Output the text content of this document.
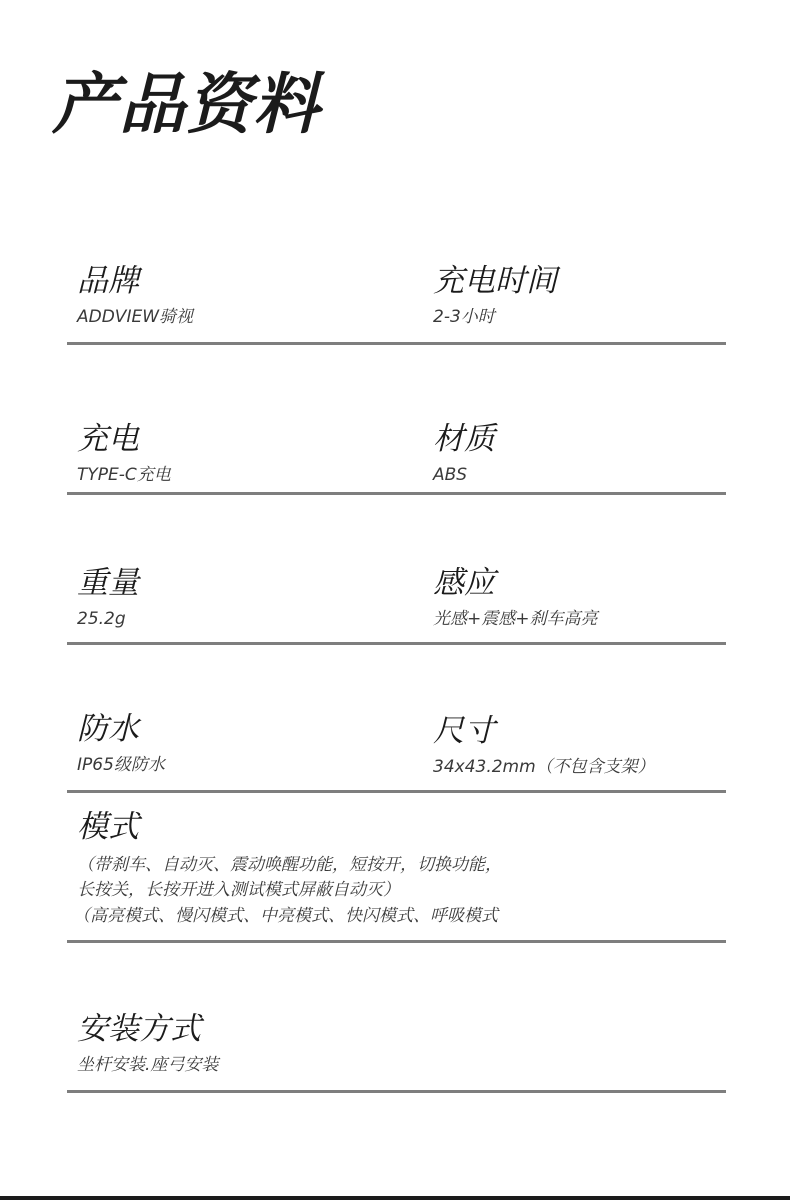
产品资料
品牌
ADDVIEW骑视
充电时间
2-3小时
充电
TYPE-C充电
材质
ABS
重量
25.2g
感应
光感+震感+刹车高亮
防水
IP65级防水
尺寸
34x43.2mm（不包含支架）
模式
（带刹车、自动灭、震动唤醒功能，短按开，切换功能，
长按关，长按开进入测试模式屏蔽自动灭）
（高亮模式、慢闪模式、中亮模式、快闪模式、呼吸模式
安装方式
坐杆安装.座弓安装
